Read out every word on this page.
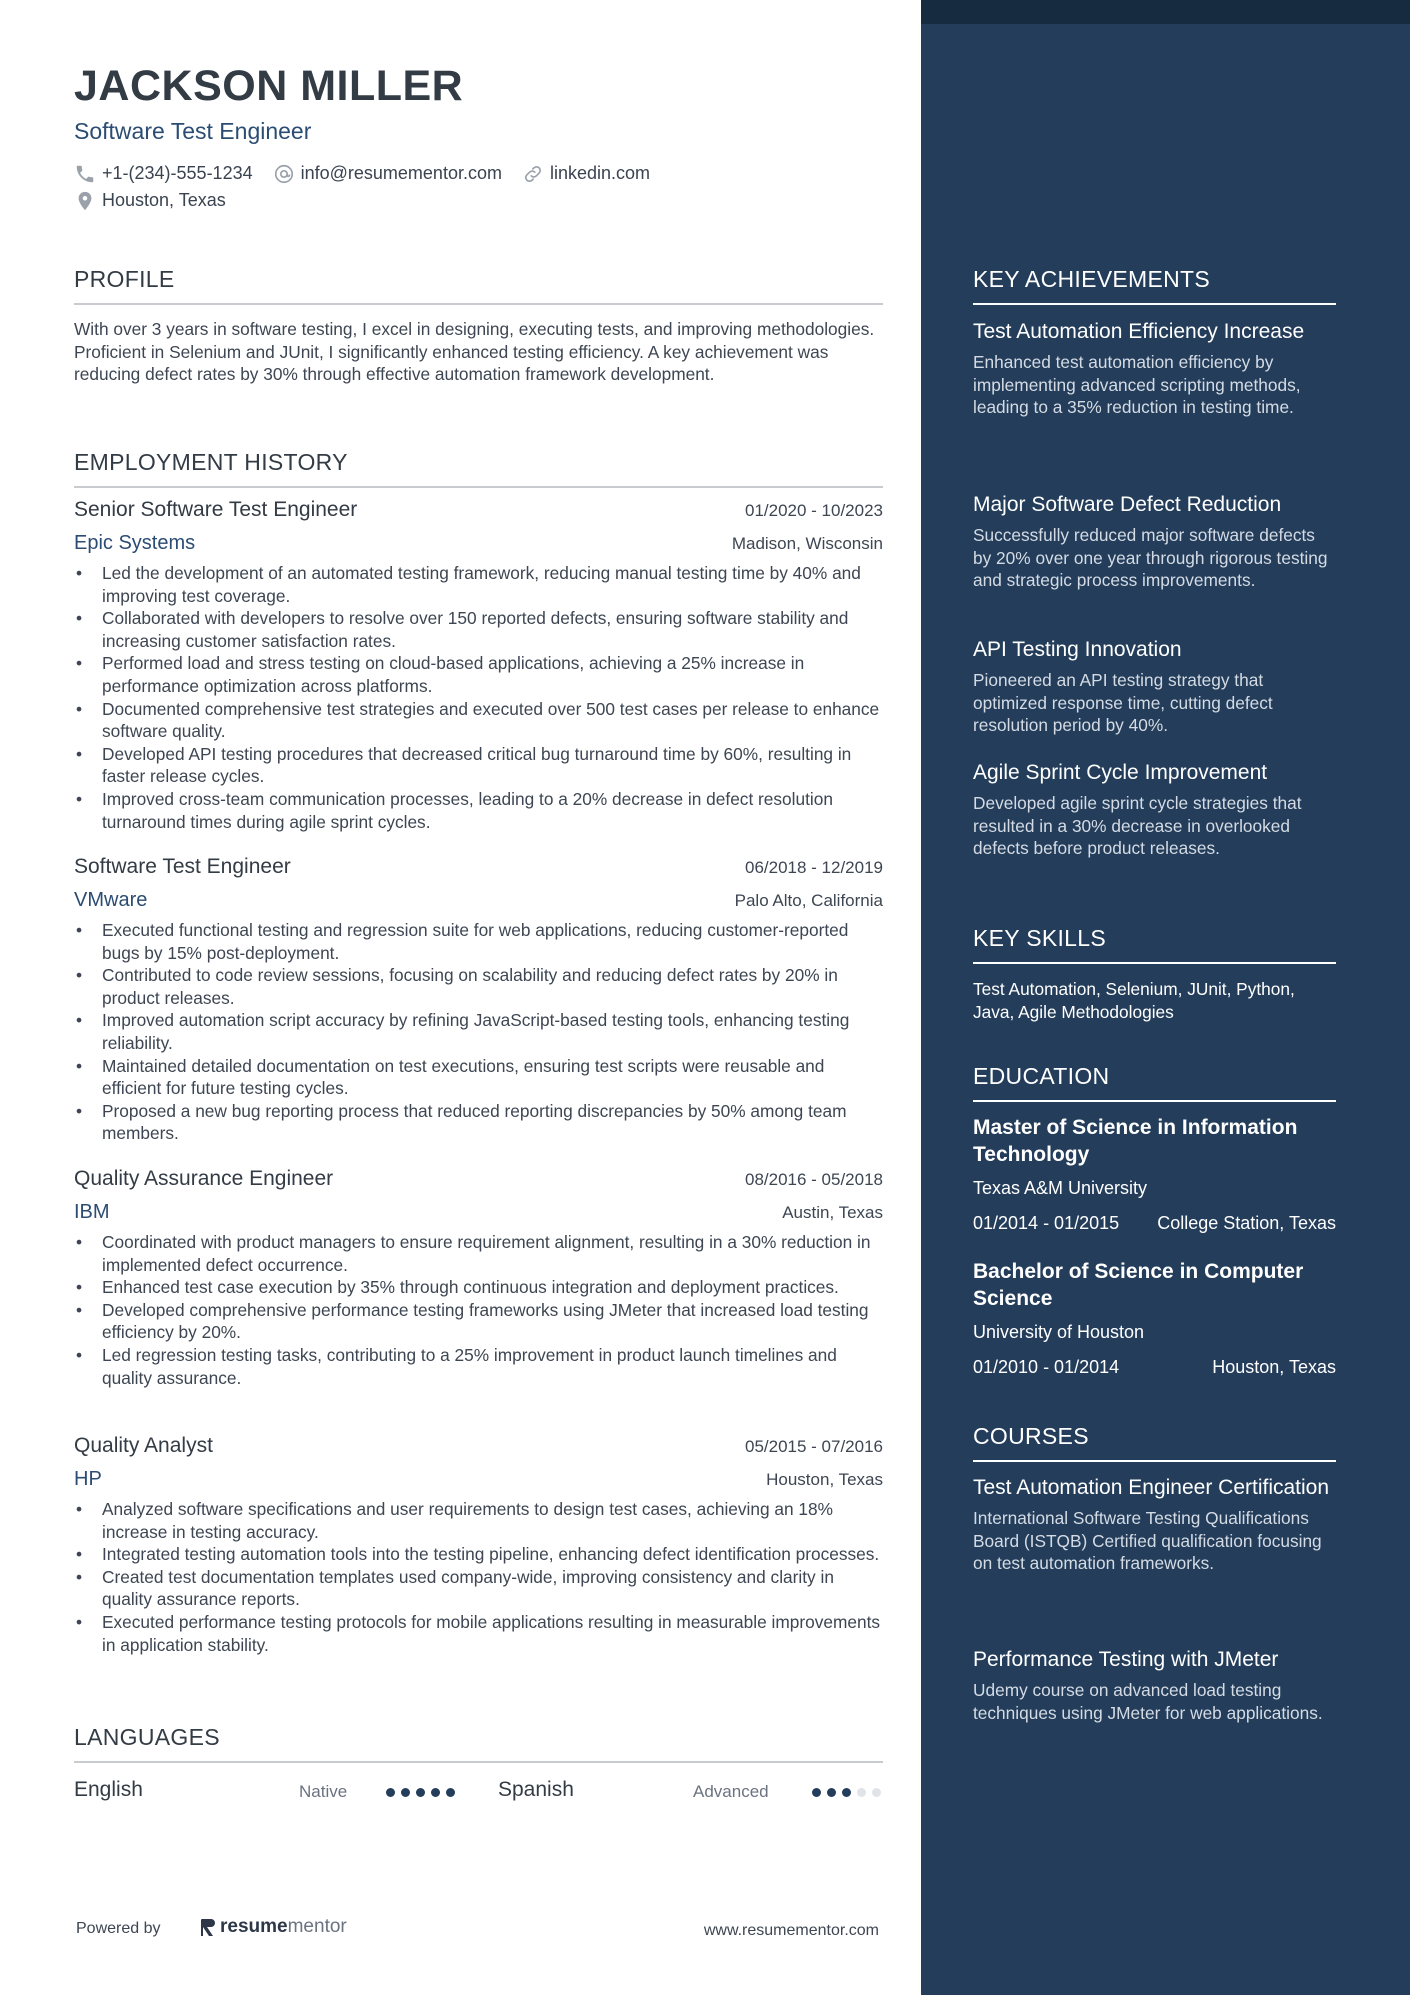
JACKSON MILLER
Software Test Engineer
+1-(234)-555-1234	info@resumementor.com	linkedin.com
Houston, Texas
PROFILE
With over 3 years in software testing, I excel in designing, executing tests, and improving methodologies. Proficient in Selenium and JUnit, I significantly enhanced testing efficiency. A key achievement was reducing defect rates by 30% through effective automation framework development.
EMPLOYMENT HISTORY
Senior Software Test Engineer	01/2020 - 10/2023
Epic Systems	Madison, Wisconsin
• Led the development of an automated testing framework, reducing manual testing time by 40% and improving test coverage.
• Collaborated with developers to resolve over 150 reported defects, ensuring software stability and increasing customer satisfaction rates.
• Performed load and stress testing on cloud-based applications, achieving a 25% increase in performance optimization across platforms.
• Documented comprehensive test strategies and executed over 500 test cases per release to enhance software quality.
• Developed API testing procedures that decreased critical bug turnaround time by 60%, resulting in faster release cycles.
• Improved cross-team communication processes, leading to a 20% decrease in defect resolution turnaround times during agile sprint cycles.
Software Test Engineer	06/2018 - 12/2019
VMware	Palo Alto, California
• Executed functional testing and regression suite for web applications, reducing customer-reported bugs by 15% post-deployment.
• Contributed to code review sessions, focusing on scalability and reducing defect rates by 20% in product releases.
• Improved automation script accuracy by refining JavaScript-based testing tools, enhancing testing reliability.
• Maintained detailed documentation on test executions, ensuring test scripts were reusable and efficient for future testing cycles.
• Proposed a new bug reporting process that reduced reporting discrepancies by 50% among team members.
Quality Assurance Engineer	08/2016 - 05/2018
IBM	Austin, Texas
• Coordinated with product managers to ensure requirement alignment, resulting in a 30% reduction in implemented defect occurrence.
• Enhanced test case execution by 35% through continuous integration and deployment practices.
• Developed comprehensive performance testing frameworks using JMeter that increased load testing efficiency by 20%.
• Led regression testing tasks, contributing to a 25% improvement in product launch timelines and quality assurance.
Quality Analyst	05/2015 - 07/2016
HP	Houston, Texas
• Analyzed software specifications and user requirements to design test cases, achieving an 18% increase in testing accuracy.
• Integrated testing automation tools into the testing pipeline, enhancing defect identification processes.
• Created test documentation templates used company-wide, improving consistency and clarity in quality assurance reports.
• Executed performance testing protocols for mobile applications resulting in measurable improvements in application stability.
LANGUAGES
English	Native	Spanish	Advanced
Powered by	resume mentor	www.resumementor.com
KEY ACHIEVEMENTS
Test Automation Efficiency Increase
Enhanced test automation efficiency by implementing advanced scripting methods, leading to a 35% reduction in testing time.
Major Software Defect Reduction
Successfully reduced major software defects by 20% over one year through rigorous testing and strategic process improvements.
API Testing Innovation
Pioneered an API testing strategy that optimized response time, cutting defect resolution period by 40%.
Agile Sprint Cycle Improvement
Developed agile sprint cycle strategies that resulted in a 30% decrease in overlooked defects before product releases.
KEY SKILLS
Test Automation, Selenium, JUnit, Python, Java, Agile Methodologies
EDUCATION
Master of Science in Information Technology
Texas A&M University
01/2014 - 01/2015 College Station, Texas
Bachelor of Science in Computer Science
University of Houston
01/2010 - 01/2014	Houston, Texas
COURSES
Test Automation Engineer Certification
International Software Testing Qualifications Board (ISTQB) Certified qualification focusing on test automation frameworks.
Performance Testing with JMeter
Udemy course on advanced load testing techniques using JMeter for web applications.
